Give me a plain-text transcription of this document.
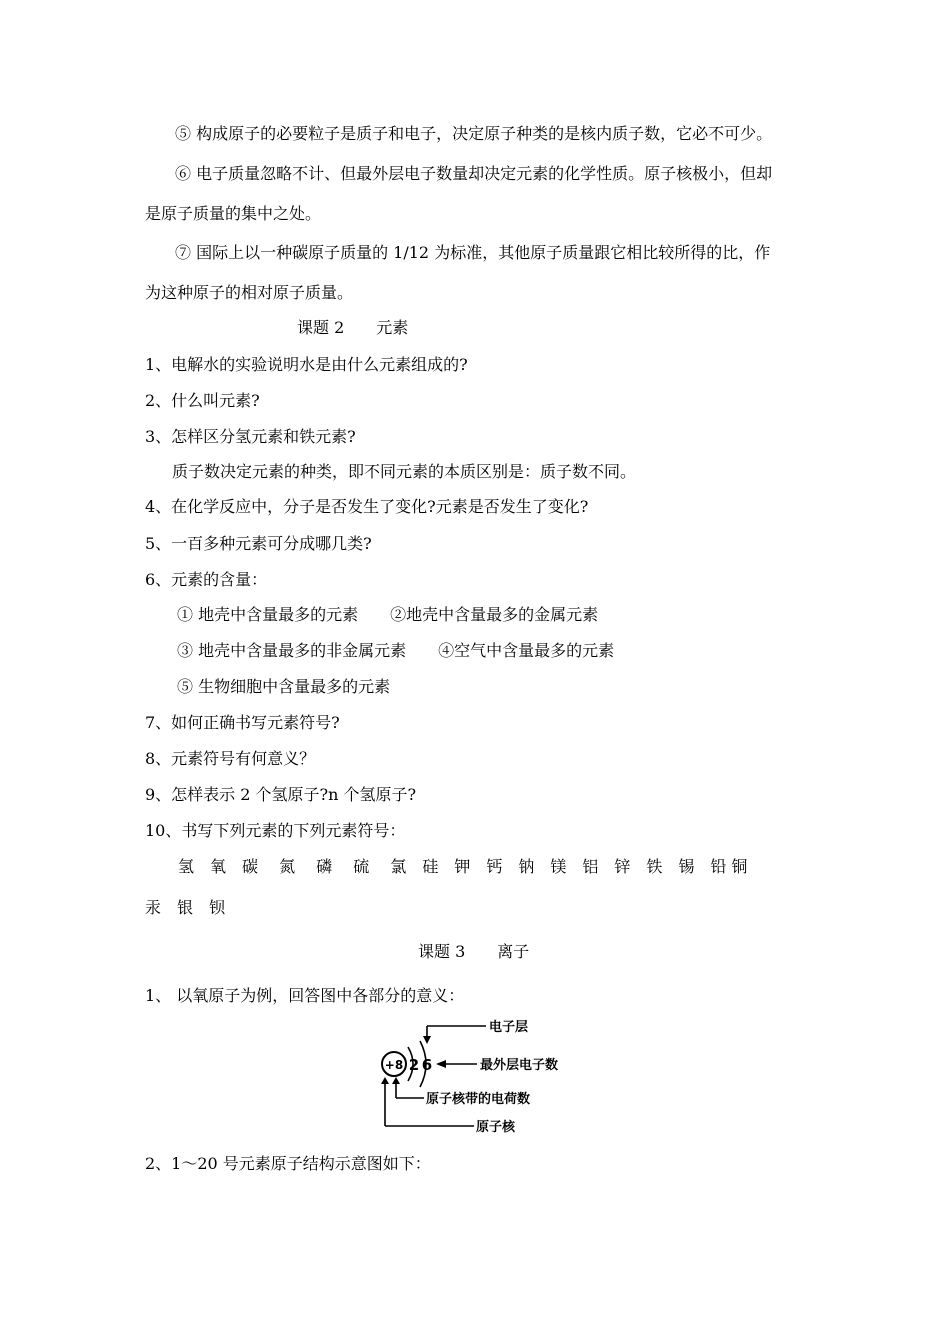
⑤ 构成原子的必要粒子是质子和电子，决定原子种类的是核内质子数，它必不可少。
⑥ 电子质量忽略不计、但最外层电子数量却决定元素的化学性质。原子核极小，但却
是原子质量的集中之处。
⑦ 国际上以一种碳原子质量的 1/12 为标准，其他原子质量跟它相比较所得的比，作
为这种原子的相对原子质量。
课题 2　　元素
1、电解水的实验说明水是由什么元素组成的?
2、什么叫元素?
3、怎样区分氢元素和铁元素?
质子数决定元素的种类，即不同元素的本质区别是：质子数不同。
4、在化学反应中，分子是否发生了变化?元素是否发生了变化?
5、一百多种元素可分成哪几类?
6、元素的含量：
① 地壳中含量最多的元素　　②地壳中含量最多的金属元素
③ 地壳中含量最多的非金属元素　　④空气中含量最多的元素
⑤ 生物细胞中含量最多的元素
7、如何正确书写元素符号?
8、元素符号有何意义？
9、怎样表示 2 个氢原子?n 个氢原子?
10、书写下列元素的下列元素符号：
氢　氧　碳　 氮　 磷　 硫　 氯　硅　钾　钙　钠　镁　铝　锌　铁　锡　铅 铜
汞　银　钡
课题 3　　离子
1、 以氧原子为例，回答图中各部分的意义：
+8 2 6
电子层
最外层电子数
原子核带的电荷数
原子核
2、1～20 号元素原子结构示意图如下：
